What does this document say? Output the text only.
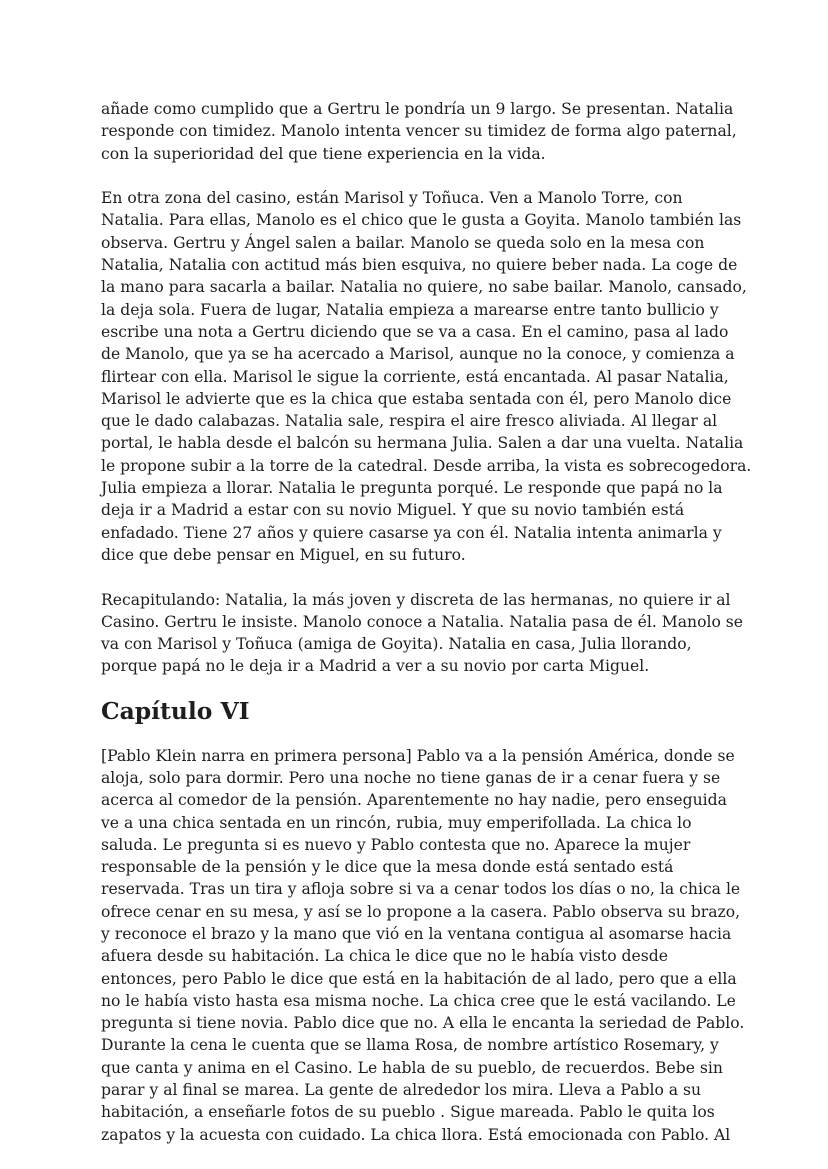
añade como cumplido que a Gertru le pondría un 9 largo. Se presentan. Natalia
responde con timidez. Manolo intenta vencer su timidez de forma algo paternal,
con la superioridad del que tiene experiencia en la vida.

En otra zona del casino, están Marisol y Toñuca. Ven a Manolo Torre, con
Natalia. Para ellas, Manolo es el chico que le gusta a Goyita. Manolo también las
observa. Gertru y Ángel salen a bailar. Manolo se queda solo en la mesa con
Natalia, Natalia con actitud más bien esquiva, no quiere beber nada. La coge de
la mano para sacarla a bailar. Natalia no quiere, no sabe bailar. Manolo, cansado,
la deja sola. Fuera de lugar, Natalia empieza a marearse entre tanto bullicio y
escribe una nota a Gertru diciendo que se va a casa. En el camino, pasa al lado
de Manolo, que ya se ha acercado a Marisol, aunque no la conoce, y comienza a
flirtear con ella. Marisol le sigue la corriente, está encantada. Al pasar Natalia,
Marisol le advierte que es la chica que estaba sentada con él, pero Manolo dice
que le dado calabazas. Natalia sale, respira el aire fresco aliviada. Al llegar al
portal, le habla desde el balcón su hermana Julia. Salen a dar una vuelta. Natalia
le propone subir a la torre de la catedral. Desde arriba, la vista es sobrecogedora.
Julia empieza a llorar. Natalia le pregunta porqué. Le responde que papá no la
deja ir a Madrid a estar con su novio Miguel. Y que su novio también está
enfadado. Tiene 27 años y quiere casarse ya con él. Natalia intenta animarla y
dice que debe pensar en Miguel, en su futuro.

Recapitulando: Natalia, la más joven y discreta de las hermanas, no quiere ir al
Casino. Gertru le insiste. Manolo conoce a Natalia. Natalia pasa de él. Manolo se
va con Marisol y Toñuca (amiga de Goyita). Natalia en casa, Julia llorando,
porque papá no le deja ir a Madrid a ver a su novio por carta Miguel.

Capítulo VI

[Pablo Klein narra en primera persona] Pablo va a la pensión América, donde se
aloja, solo para dormir. Pero una noche no tiene ganas de ir a cenar fuera y se
acerca al comedor de la pensión. Aparentemente no hay nadie, pero enseguida
ve a una chica sentada en un rincón, rubia, muy emperifollada. La chica lo
saluda. Le pregunta si es nuevo y Pablo contesta que no. Aparece la mujer
responsable de la pensión y le dice que la mesa donde está sentado está
reservada. Tras un tira y afloja sobre si va a cenar todos los días o no, la chica le
ofrece cenar en su mesa, y así se lo propone a la casera. Pablo observa su brazo,
y reconoce el brazo y la mano que vió en la ventana contigua al asomarse hacia
afuera desde su habitación. La chica le dice que no le había visto desde
entonces, pero Pablo le dice que está en la habitación de al lado, pero que a ella
no le había visto hasta esa misma noche. La chica cree que le está vacilando. Le
pregunta si tiene novia. Pablo dice que no. A ella le encanta la seriedad de Pablo.
Durante la cena le cuenta que se llama Rosa, de nombre artístico Rosemary, y
que canta y anima en el Casino. Le habla de su pueblo, de recuerdos. Bebe sin
parar y al final se marea. La gente de alrededor los mira. Lleva a Pablo a su
habitación, a enseñarle fotos de su pueblo . Sigue mareada. Pablo le quita los
zapatos y la acuesta con cuidado. La chica llora. Está emocionada con Pablo. Al
